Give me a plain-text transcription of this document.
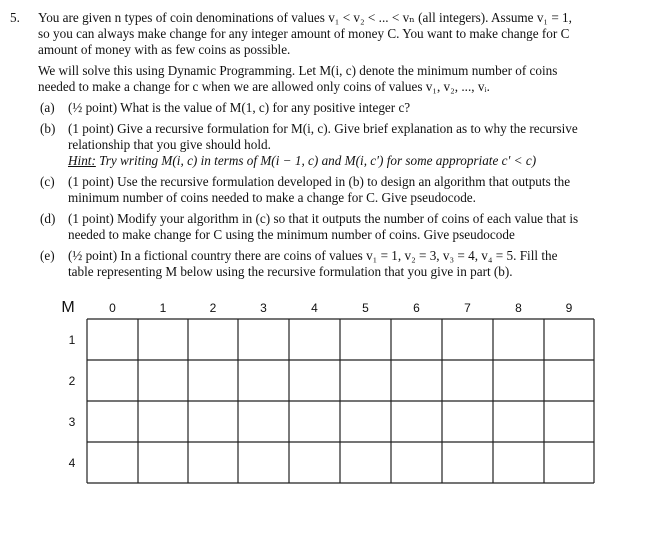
5. You are given n types of coin denominations of values v₁ < v₂ < ... < vₙ (all integers). Assume v₁ = 1,
so you can always make change for any integer amount of money C. You want to make change for C
amount of money with as few coins as possible.
We will solve this using Dynamic Programming. Let M(i, c) denote the minimum number of coins
needed to make a change for c when we are allowed only coins of values v₁, v₂, ..., vᵢ.
(a) (½ point) What is the value of M(1, c) for any positive integer c?
(b) (1 point) Give a recursive formulation for M(i, c). Give brief explanation as to why the recursive
relationship that you give should hold.
Hint: Try writing M(i, c) in terms of M(i − 1, c) and M(i, c′) for some appropriate c′ < c)
(c) (1 point) Use the recursive formulation developed in (b) to design an algorithm that outputs the
minimum number of coins needed to make a change for C. Give pseudocode.
(d) (1 point) Modify your algorithm in (c) so that it outputs the number of coins of each value that is
needed to make change for C using the minimum number of coins. Give pseudocode
(e) (½ point) In a fictional country there are coins of values v₁ = 1, v₂ = 3, v₃ = 4, v₄ = 5. Fill the
table representing M below using the recursive formulation that you give in part (b).
M	0	1	2	3	4	5	6	7	8	9
1
2
3
4
